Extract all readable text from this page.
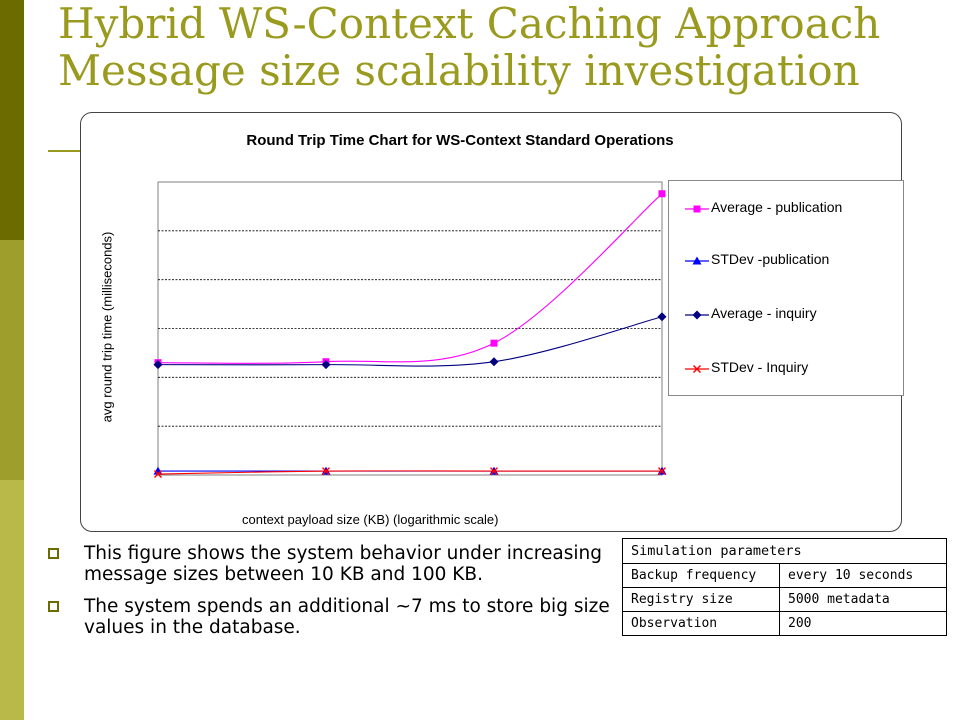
Hybrid WS-Context Caching Approach
Message size scalability investigation
Round Trip Time Chart for WS-Context Standard Operations
avg round trip time (milliseconds)
context payload size (KB) (logarithmic scale)
Average - publication
STDev -publication
Average - inquiry
STDev - Inquiry
This figure shows the system behavior under increasing message sizes between 10 KB and 100 KB.
The system spends an additional ~7 ms to store big size values in the database.
Simulation parameters	
Backup frequency	every 10 seconds
Registry size	5000 metadata
Observation	200
